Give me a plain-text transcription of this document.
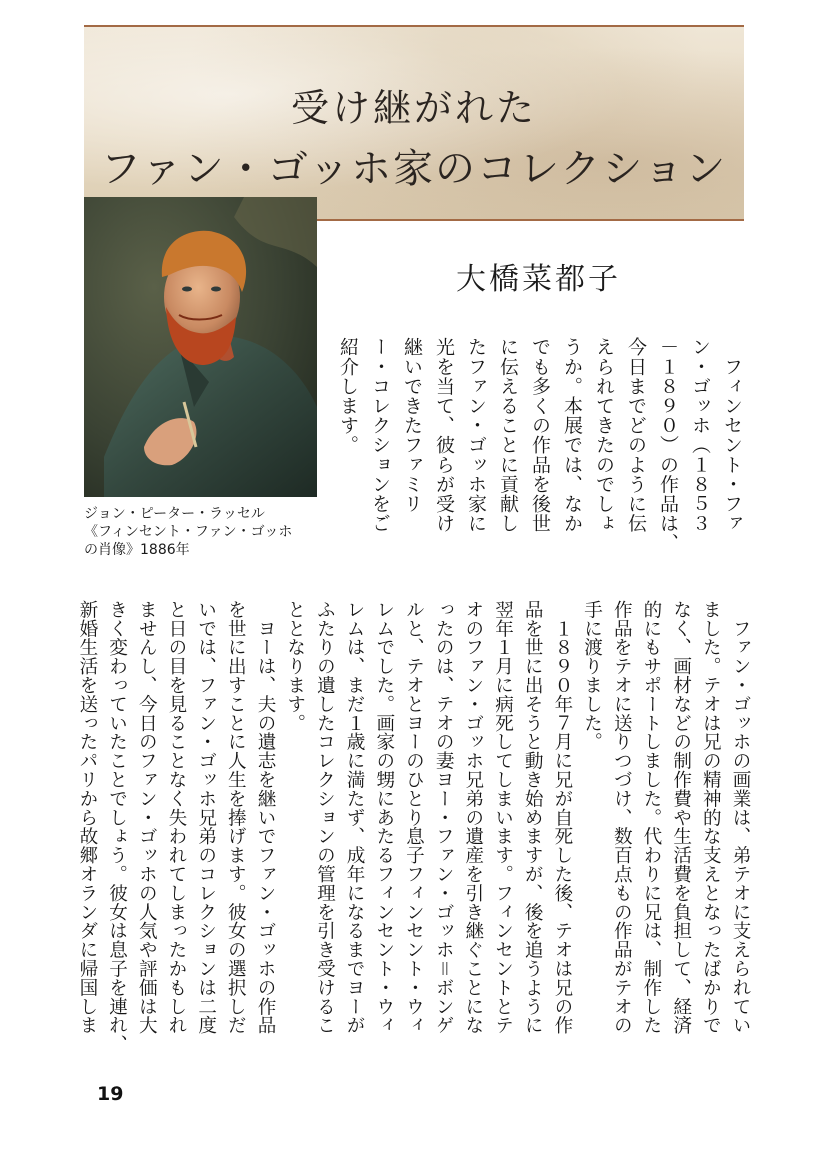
受け継がれた
ファン・ゴッホ家のコレクション
ジョン・ピーター・ラッセル
《フィンセント・ファン・ゴッホ
の肖像》1886年
大橋菜都子
　フィンセント・ファ
ン・ゴッホ（１８５３
－１８９０）の作品は、
今日までどのように伝
えられてきたのでしょ
うか。本展では、なか
でも多くの作品を後世
に伝えることに貢献し
たファン・ゴッホ家に
光を当て、彼らが受け
継いできたファミリ
ー・コレクションをご
紹介します。
　ファン・ゴッホの画業は、弟テオに支えられてい
ました。テオは兄の精神的な支えとなったばかりで
なく、画材などの制作費や生活費を負担して、経済
的にもサポートしました。代わりに兄は、制作した
作品をテオに送りつづけ、数百点もの作品がテオの
手に渡りました。
　１８９０年７月に兄が自死した後、テオは兄の作
品を世に出そうと動き始めますが、後を追うように
翌年１月に病死してしまいます。フィンセントとテ
オのファン・ゴッホ兄弟の遺産を引き継ぐことにな
ったのは、テオの妻ヨー・ファン・ゴッホ＝ボンゲ
ルと、テオとヨーのひとり息子フィンセント・ウィ
レムでした。画家の甥にあたるフィンセント・ウィ
レムは、まだ１歳に満たず、成年になるまでヨーが
ふたりの遺したコレクションの管理を引き受けるこ
ととなります。
　ヨーは、夫の遺志を継いでファン・ゴッホの作品
を世に出すことに人生を捧げます。彼女の選択しだ
いでは、ファン・ゴッホ兄弟のコレクションは二度
と日の目を見ることなく失われてしまったかもしれ
ませんし、今日のファン・ゴッホの人気や評価は大
きく変わっていたことでしょう。彼女は息子を連れ、
新婚生活を送ったパリから故郷オランダに帰国しま
19
